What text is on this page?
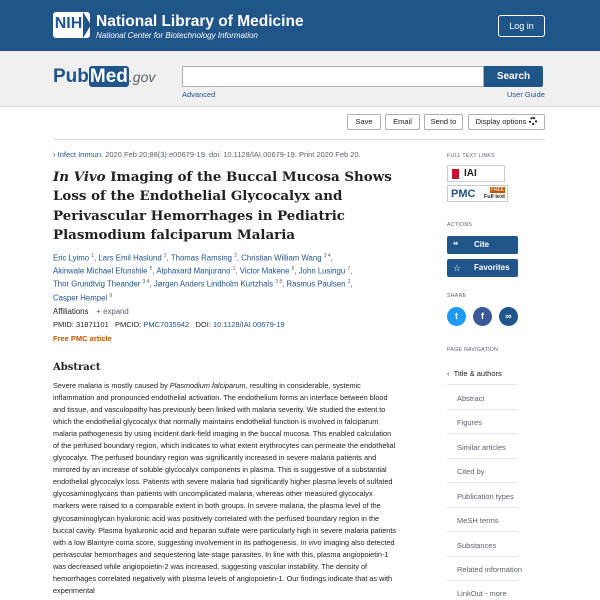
NIH National Library of Medicine
National Center for Biotechnology Information
Log in
PubMed.gov	Search
Advanced	User Guide
Save	Email	Send to	Display options
› Infect Immun. 2020 Feb 20;88(3):e00679-19. doi: 10.1128/IAI.00679-19. Print 2020 Feb 20.
In Vivo Imaging of the Buccal Mucosa Shows Loss of the Endothelial Glycocalyx and Perivascular Hemorrhages in Pediatric Plasmodium falciparum Malaria
Eric Lyimo $^1$, Lars Emil Haslund $^2$, Thomas Ramsing $^2$, Christian William Wang $^{3 4}$,
Akinwale Michael Efunshile $^5$, Alphaxard Manjurano $^1$, Victor Makene $^6$, John Lusingu $^7$,
Thor Grundtvig Theander $^{3 4}$, Jørgen Anders Lindholm Kurtzhals $^{3 8}$, Rasmus Paulsen $^2$,
Casper Hempel $^9$
Affiliations + expand
PMID: 31871101 PMCID: PMC7035942 DOI: 10.1128/IAI.00679-19
Free PMC article
Abstract
Severe malaria is mostly caused by Plasmodium falciparum, resulting in considerable, systemic inflammation and pronounced endothelial activation. The endothelium forms an interface between blood and tissue, and vasculopathy has previously been linked with malaria severity. We studied the extent to which the endothelial glycocalyx that normally maintains endothelial function is involved in falciparum malaria pathogenesis by using incident dark-field imaging in the buccal mucosa. This enabled calculation of the perfused boundary region, which indicates to what extent erythrocytes can permeate the endothelial glycocalyx. The perfused boundary region was significantly increased in severe malaria patients and mirrored by an increase of soluble glycocalyx components in plasma. This is suggestive of a substantial endothelial glycocalyx loss. Patients with severe malaria had significantly higher plasma levels of sulfated glycosaminoglycans than patients with uncomplicated malaria, whereas other measured glycocalyx markers were raised to a comparable extent in both groups. In severe malaria, the plasma level of the glycosaminoglycan hyaluronic acid was positively correlated with the perfused boundary region in the buccal cavity. Plasma hyaluronic acid and heparan sulfate were particularly high in severe malaria patients with a low Blantyre coma score, suggesting involvement in its pathogenesis. In vivo imaging also detected perivascular hemorrhages and sequestering late-stage parasites. In line with this, plasma angiopoietin-1 was decreased while angiopoietin-2 was increased, suggesting vascular instability. The density of hemorrhages correlated negatively with plasma levels of angiopoietin-1. Our findings indicate that as with experimental
FULL TEXT LINKS
IAI
PMC	FREE
Full text
ACTIONS
❝ Cite
☆ Favorites
SHARE
t	f	∞
PAGE NAVIGATION
‹  Title & authors
Abstract
Figures
Similar articles
Cited by
Publication types
MeSH terms
Substances
Related information
LinkOut - more
